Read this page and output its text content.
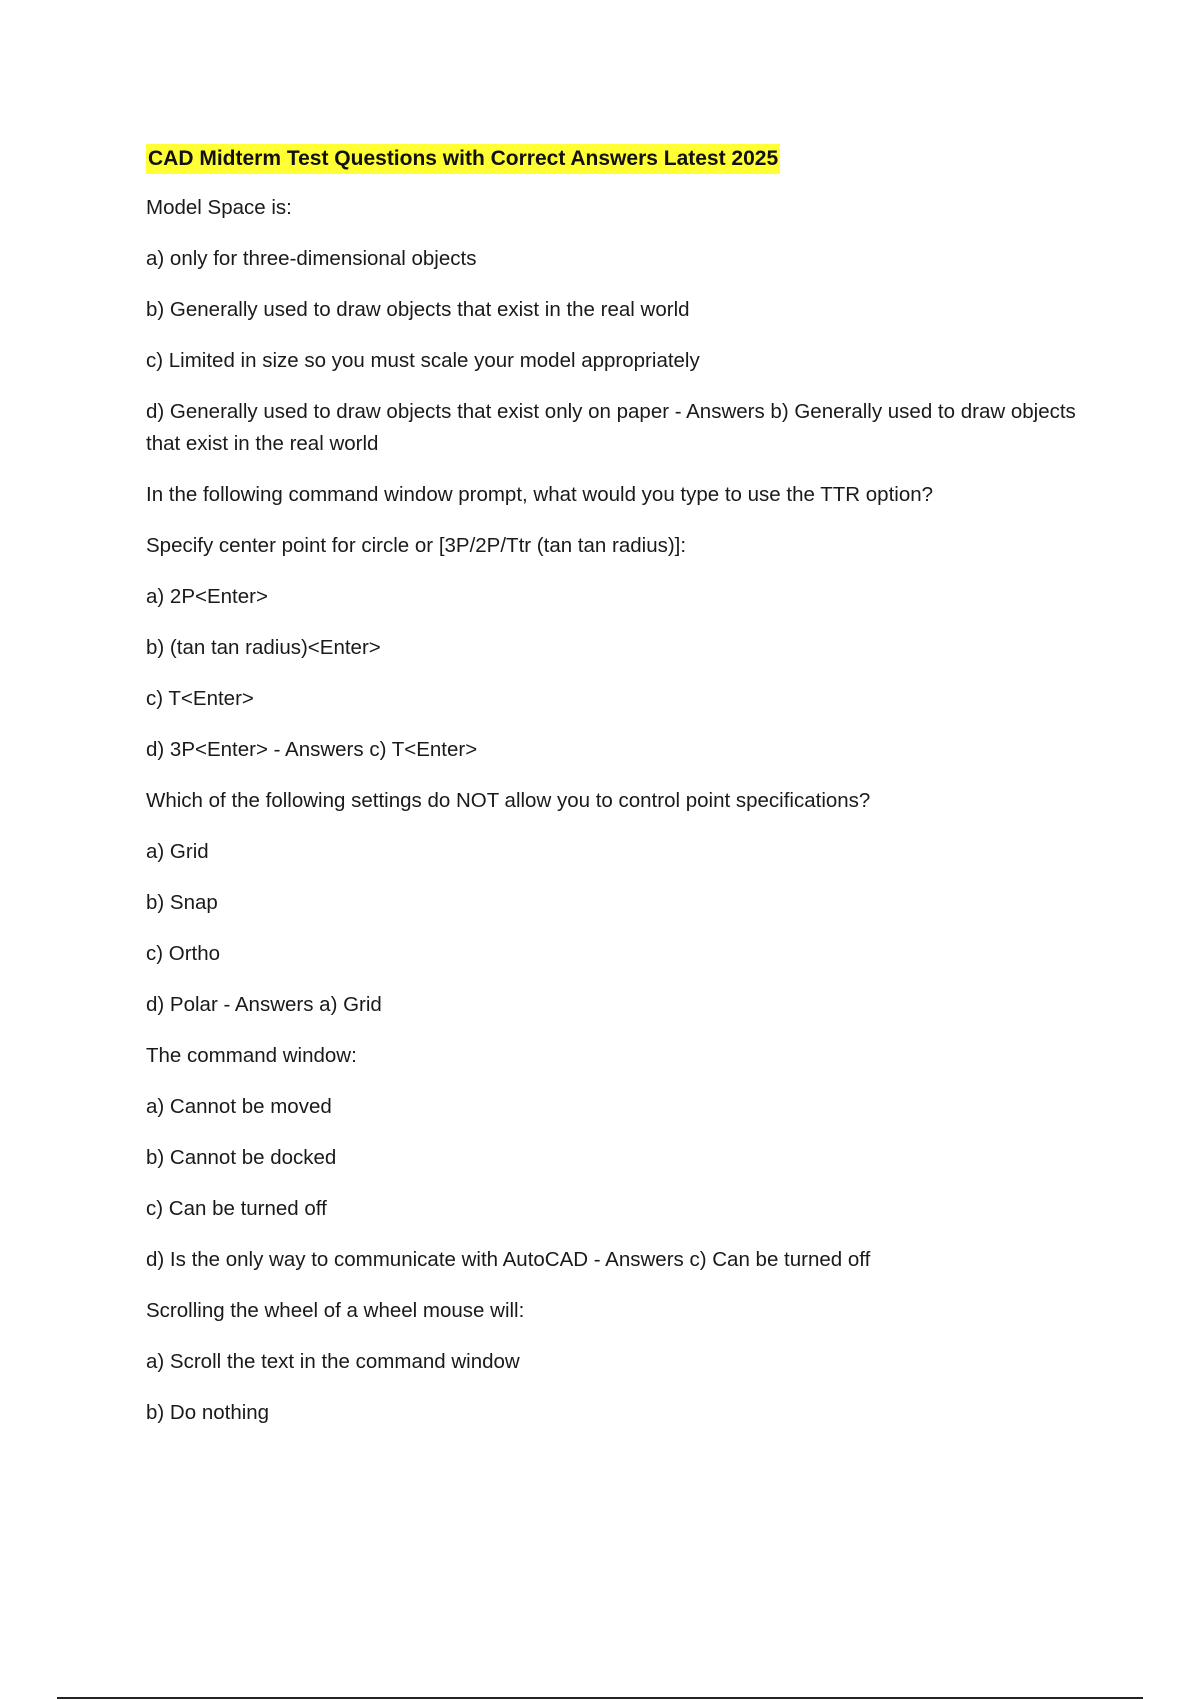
CAD Midterm Test Questions with Correct Answers Latest 2025
Model Space is:
a) only for three-dimensional objects
b) Generally used to draw objects that exist in the real world
c) Limited in size so you must scale your model appropriately
d) Generally used to draw objects that exist only on paper - Answers b) Generally used to draw objects that exist in the real world
In the following command window prompt, what would you type to use the TTR option?
Specify center point for circle or [3P/2P/Ttr (tan tan radius)]:
a) 2P<Enter>
b) (tan tan radius)<Enter>
c) T<Enter>
d) 3P<Enter> - Answers c) T<Enter>
Which of the following settings do NOT allow you to control point specifications?
a) Grid
b) Snap
c) Ortho
d) Polar - Answers a) Grid
The command window:
a) Cannot be moved
b) Cannot be docked
c) Can be turned off
d) Is the only way to communicate with AutoCAD - Answers c) Can be turned off
Scrolling the wheel of a wheel mouse will:
a) Scroll the text in the command window
b) Do nothing
